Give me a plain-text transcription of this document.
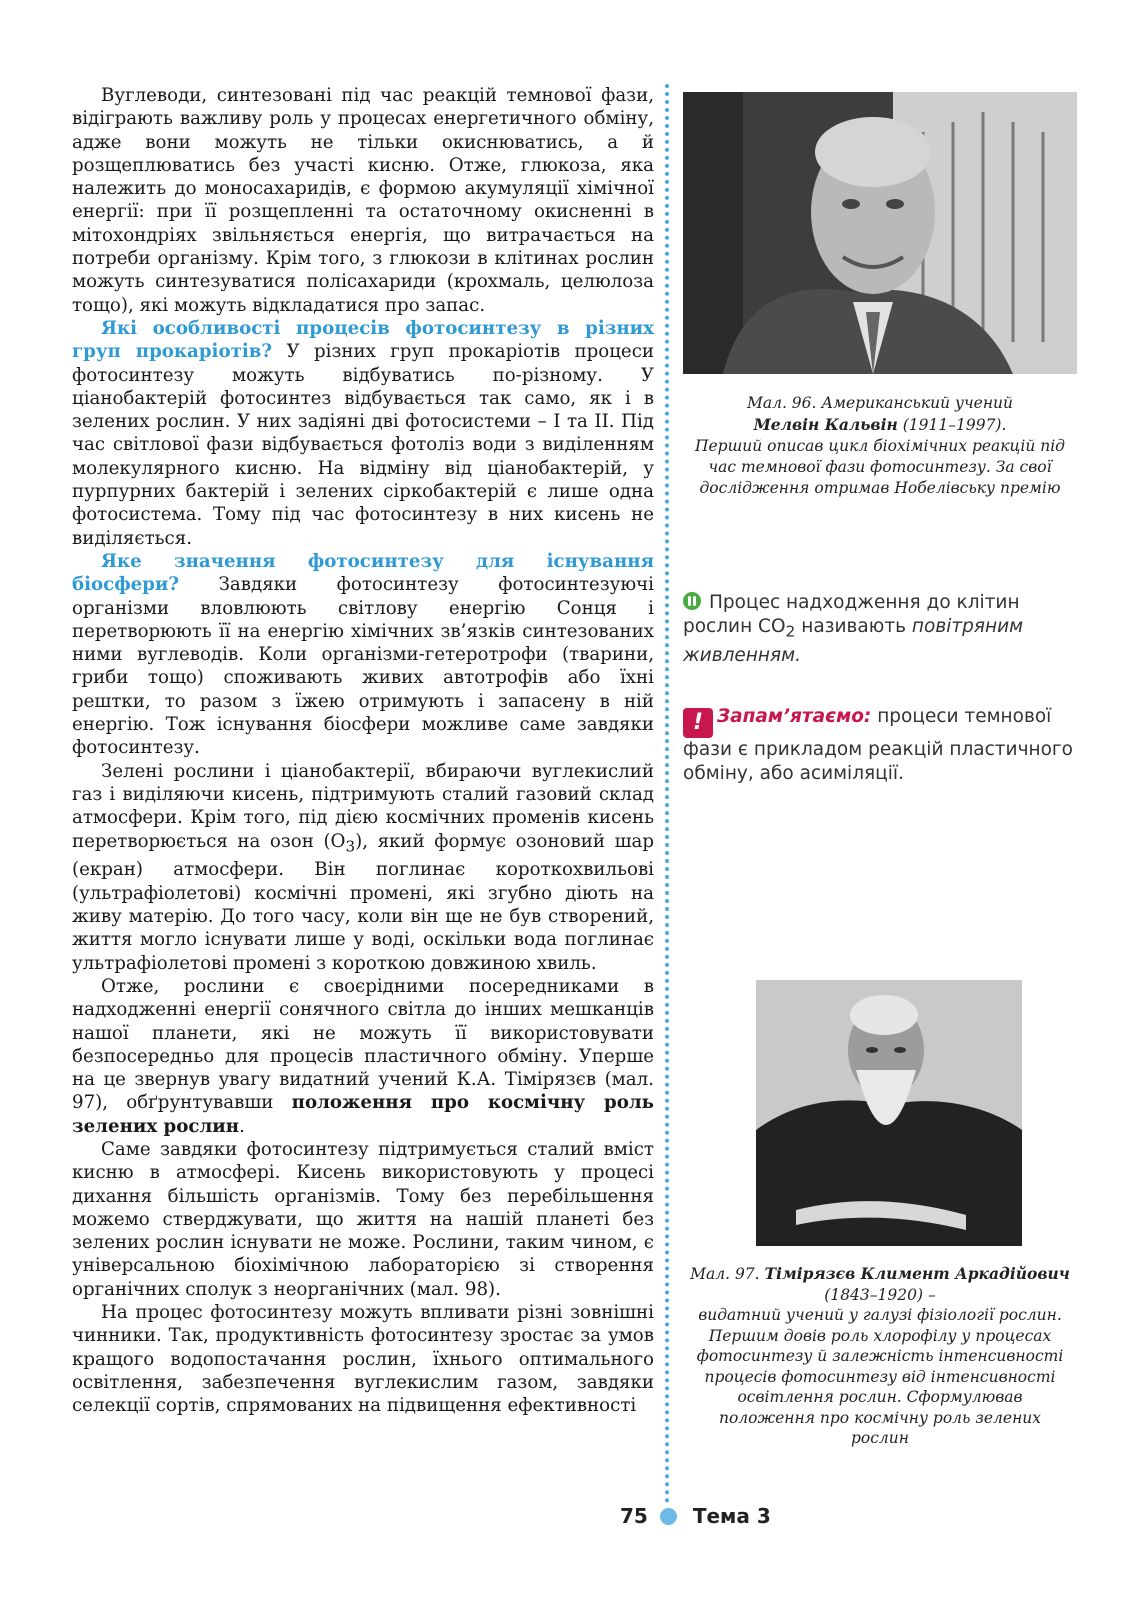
Вуглеводи, синтезовані під час реакцій темнової фази, відіграють важливу роль у процесах енергетичного обміну, адже вони можуть не тільки окиснюватись, а й розщеплюватись без участі кисню. Отже, глюкоза, яка належить до моносахаридів, є формою акумуляції хімічної енергії: при її розщепленні та остаточному окисненні в мітохондріях звільняється енергія, що витрачається на потреби організму. Крім того, з глюкози в клітинах рослин можуть синтезуватися полісахариди (крохмаль, целюлоза тощо), які можуть відкладатися про запас.

Які особливості процесів фотосинтезу в різних груп прокаріотів? У різних груп прокаріотів процеси фотосинтезу можуть відбуватись по-різному. У ціанобактерій фотосинтез відбувається так само, як і в зелених рослин. У них задіяні дві фотосистеми – I та II. Під час світлової фази відбувається фотоліз води з виділенням молекулярного кисню. На відміну від ціанобактерій, у пурпурних бактерій і зелених сіркобактерій є лише одна фотосистема. Тому під час фотосинтезу в них кисень не виділяється.

Яке значення фотосинтезу для існування біосфери? Завдяки фотосинтезу фотосинтезуючі організми вловлюють світлову енергію Сонця і перетворюють її на енергію хімічних зв’язків синтезованих ними вуглеводів. Коли організми-гетеротрофи (тварини, гриби тощо) споживають живих автотрофів або їхні рештки, то разом з їжею отримують і запасену в ній енергію. Тож існування біосфери можливе саме завдяки фотосинтезу.

Зелені рослини і ціанобактерії, вбираючи вуглекислий газ і виділяючи кисень, підтримують сталий газовий склад атмосфери. Крім того, під дією космічних променів кисень перетворюється на озон $(O_3)$, який формує озоновий шар (екран) атмосфери. Він поглинає короткохвильові (ультрафіолетові) космічні промені, які згубно діють на живу матерію. До того часу, коли він ще не був створений, життя могло існувати лише у воді, оскільки вода поглинає ультрафіолетові промені з короткою довжиною хвиль.

Отже, рослини є своєрідними посередниками в надходженні енергії сонячного світла до інших мешканців нашої планети, які не можуть її використовувати безпосередньо для процесів пластичного обміну. Уперше на це звернув увагу видатний учений К.А. Тімірязєв (мал. 97), обґрунтувавши положення про космічну роль зелених рослин.

Саме завдяки фотосинтезу підтримується сталий вміст кисню в атмосфері. Кисень використовують у процесі дихання більшість організмів. Тому без перебільшення можемо стверджувати, що життя на нашій планеті без зелених рослин існувати не може. Рослини, таким чином, є універсальною біохімічною лабораторією зі створення органічних сполук з неорганічних (мал. 98).

На процес фотосинтезу можуть впливати різні зовнішні чинники. Так, продуктивність фотосинтезу зростає за умов кращого водопостачання рослин, їхнього оптимального освітлення, забезпечення вуглекислим газом, завдяки селекції сортів, спрямованих на підвищення ефективності

Мал. 96. Американський учений

Мелвін Кальвін (1911–1997).

Перший описав цикл біохімічних реакцій під час темнової фази фотосинтезу. За свої дослідження отримав Нобелівську премію

Процес надходження до клітин рослин $CO_2$ називають повітряним живленням.

! Запам’ятаємо: процеси темнової фази є прикладом реакцій пластичного обміну, або асиміляції.

Мал. 97. Тімірязєв Климент Аркадійович (1843–1920) –

видатний учений у галузі фізіології рослин. Першим довів роль хлорофілу у процесах фотосинтезу й залежність інтенсивності процесів фотосинтезу від інтенсивності освітлення рослин. Сформулював положення про космічну роль зелених рослин

75 Тема 3
